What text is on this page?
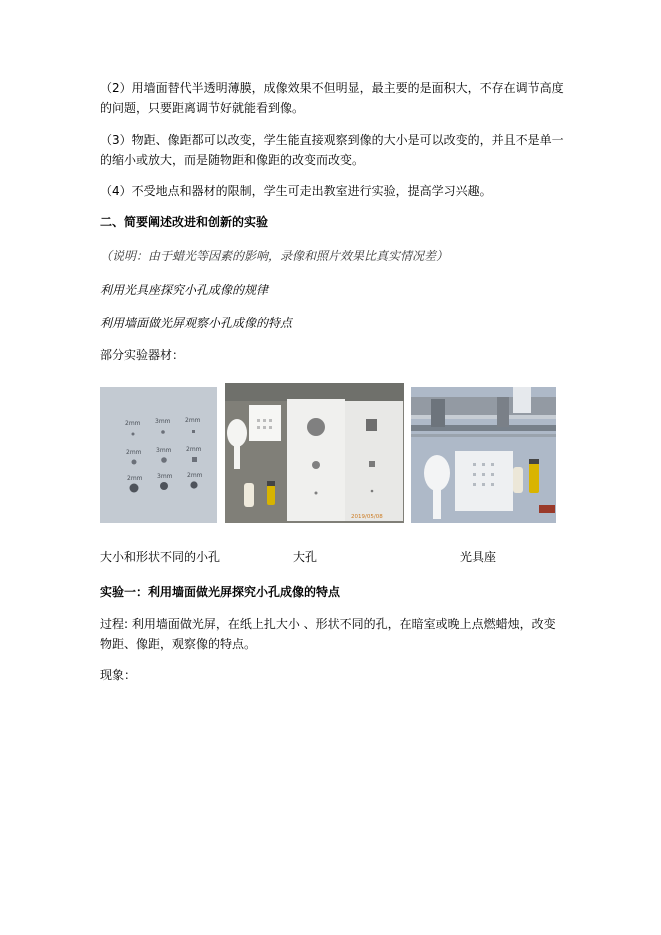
（2）用墙面替代半透明薄膜，成像效果不但明显，最主要的是面积大，不存在调节高度的问题，只要距离调节好就能看到像。
（3）物距、像距都可以改变，学生能直接观察到像的大小是可以改变的，并且不是单一的缩小或放大，而是随物距和像距的改变而改变。
（4）不受地点和器材的限制，学生可走出教室进行实验，提高学习兴趣。
二、简要阐述改进和创新的实验
（说明：由于蜡光等因素的影响，录像和照片效果比真实情况差）
利用光具座探究小孔成像的规律
利用墙面做光屏观察小孔成像的特点
部分实验器材：
2mm 3mm 2mm
2mm 3mm 2mm
2mm 3mm 2mm
2019/05/08
大小和形状不同的小孔	大孔	光具座
实验一：利用墙面做光屏探究小孔成像的特点
过程: 利用墙面做光屏，在纸上扎大小 、形状不同的孔，在暗室或晚上点燃蜡烛，改变物距、像距，观察像的特点。
现象：
